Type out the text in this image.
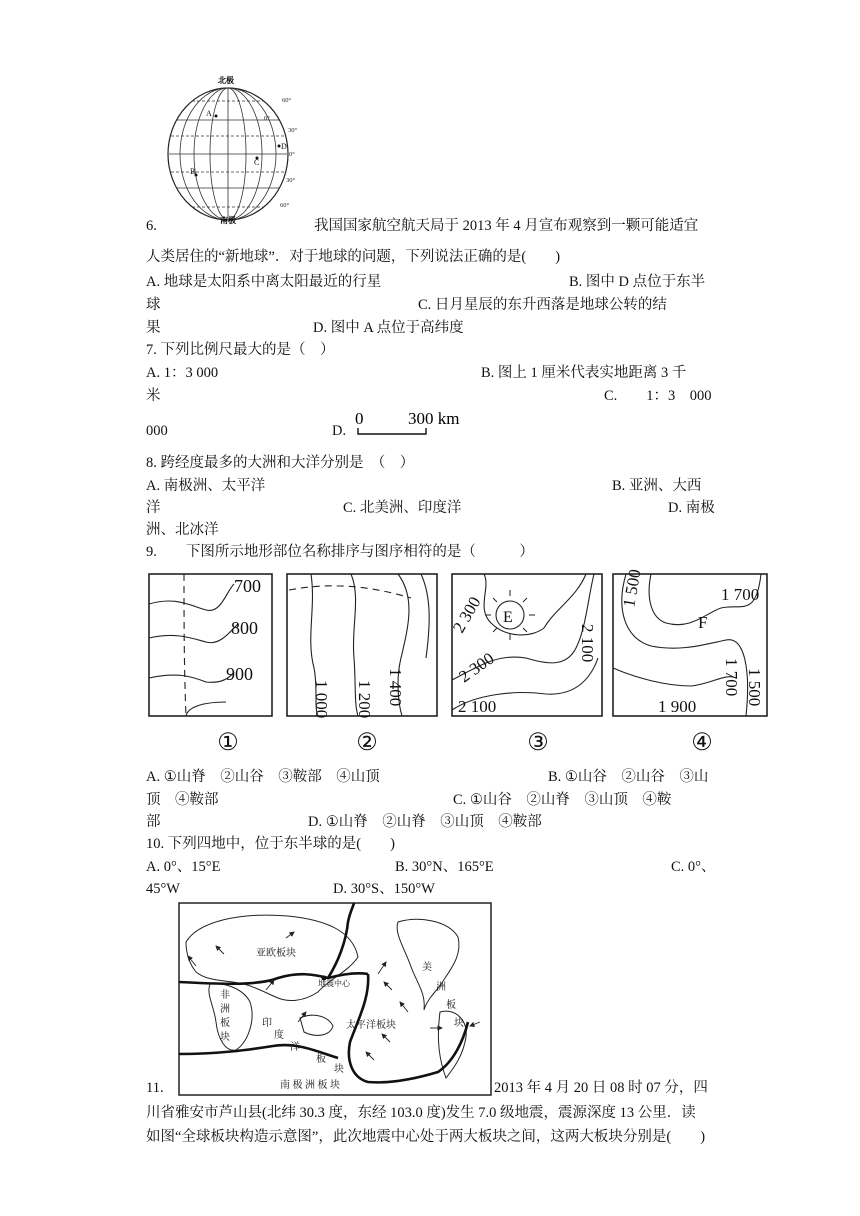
北极
60°
30°
0°
30°
60°
0°
A
B
C
D
南极
6.	我国国家航空航天局于 2013 年 4 月宣布观察到一颗可能适宜
人类居住的“新地球”．对于地球的问题，下列说法正确的是(　　)
A. 地球是太阳系中离太阳最近的行星	B. 图中 D 点位于东半
球	C. 日月星辰的东升西落是地球公转的结
果	D. 图中 A 点位于高纬度
7. 下列比例尺最大的是（　）
A. 1：3 000	B. 图上 1 厘米代表实地距离 3 千
米	C.　　1：3　000
000	D.
0	300 km
8. 跨经度最多的大洲和大洋分别是　（　）
A. 南极洲、太平洋	B. 亚洲、大西
洋	C. 北美洲、印度洋	D. 南极
洲、北冰洋
9.　　下图所示地形部位名称排序与图序相符的是（　　　）
700
800
900
1 000 1 200 1 400
2 300 E
2 300
2 100
2 100
1 500	1 700
F
1 700 1 500
1 900
①	②	③	④
A. ①山脊　②山谷　③鞍部　④山顶	B. ①山谷　②山谷　③山
顶　④鞍部	C. ①山谷　②山脊　③山顶　④鞍
部	D. ①山脊　②山脊　③山顶　④鞍部
10. 下列四地中，位于东半球的是(　　)
A. 0°、15°E	B. 30°N、165°E	C. 0°、
45°W	D. 30°S、150°W
亚欧板块
地震中心
太平洋板块
南 极 洲 板 块
非
洲
板
块
印
度
洋
板
块
美
洲
板
块
11.	2013 年 4 月 20 日 08 时 07 分，四
川省雅安市芦山县(北纬 30.3 度，东经 103.0 度)发生 7.0 级地震，震源深度 13 公里．读
如图“全球板块构造示意图”，此次地震中心处于两大板块之间，这两大板块分别是(　　)
